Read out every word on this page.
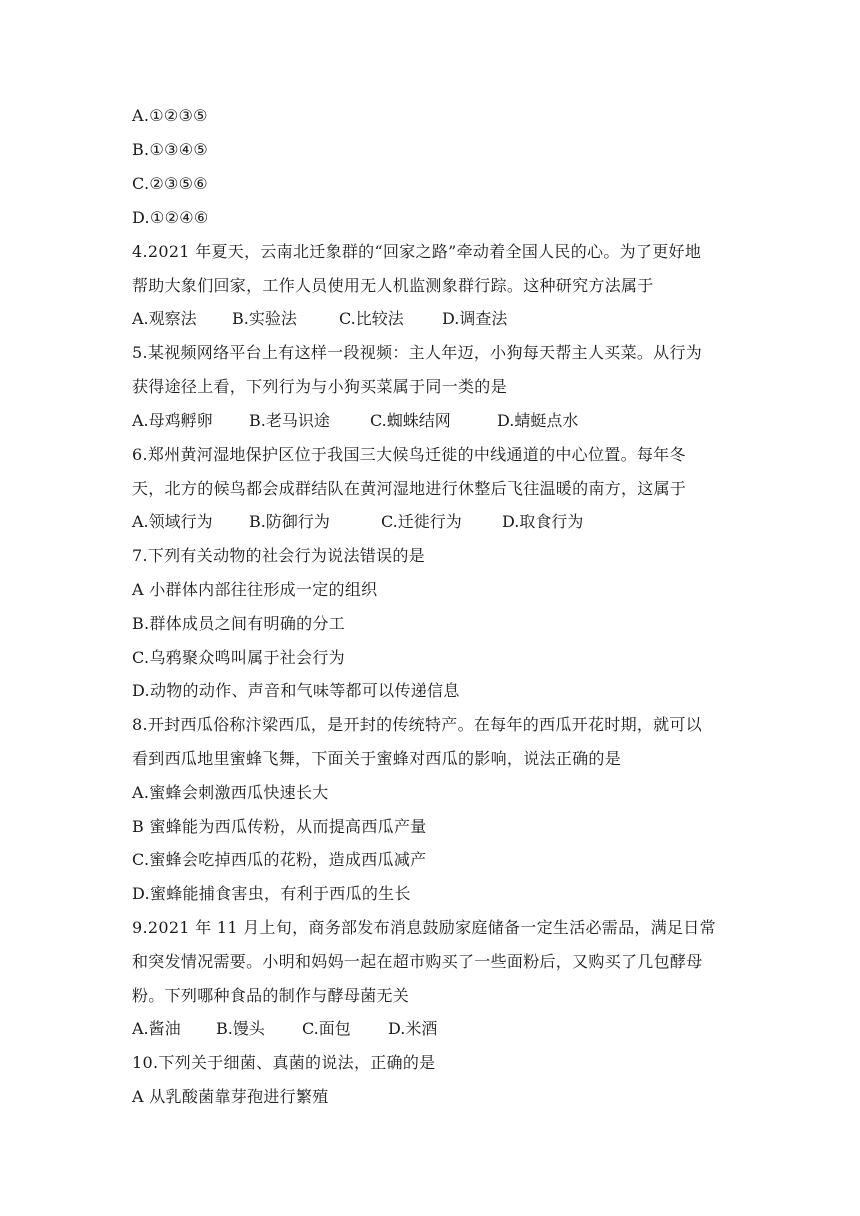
A.①②③⑤
B.①③④⑤
C.②③⑤⑥
D.①②④⑥
4.2021 年夏天，云南北迁象群的“回家之路”牵动着全国人民的心。为了更好地
帮助大象们回家，工作人员使用无人机监测象群行踪。这种研究方法属于
A.观察法 B.实验法	C.比较法 D.调查法
5.某视频网络平台上有这样一段视频：主人年迈，小狗每天帮主人买菜。从行为
获得途径上看，下列行为与小狗买菜属于同一类的是
A.母鸡孵卵 B.老马识途	C.蜘蛛结网	D.蜻蜓点水
6.郑州黄河湿地保护区位于我国三大候鸟迁徙的中线通道的中心位置。每年冬
天，北方的候鸟都会成群结队在黄河湿地进行休整后飞往温暖的南方，这属于
A.领域行为 B.防御行为	C.迁徙行为	D.取食行为
7.下列有关动物的社会行为说法错误的是
A 小群体内部往往形成一定的组织
B.群体成员之间有明确的分工
C.乌鸦聚众鸣叫属于社会行为
D.动物的动作、声音和气味等都可以传递信息
8.开封西瓜俗称汴梁西瓜，是开封的传统特产。在每年的西瓜开花时期，就可以
看到西瓜地里蜜蜂飞舞，下面关于蜜蜂对西瓜的影响，说法正确的是
A.蜜蜂会刺激西瓜快速长大
B 蜜蜂能为西瓜传粉，从而提高西瓜产量
C.蜜蜂会吃掉西瓜的花粉，造成西瓜减产
D.蜜蜂能捕食害虫，有利于西瓜的生长
9.2021 年 11 月上旬，商务部发布消息鼓励家庭储备一定生活必需品，满足日常
和突发情况需要。小明和妈妈一起在超市购买了一些面粉后，又购买了几包酵母
粉。下列哪种食品的制作与酵母菌无关
A.酱油 B.馒头 C.面包 D.米酒
10.下列关于细菌、真菌的说法，正确的是
A 从乳酸菌靠芽孢进行繁殖
